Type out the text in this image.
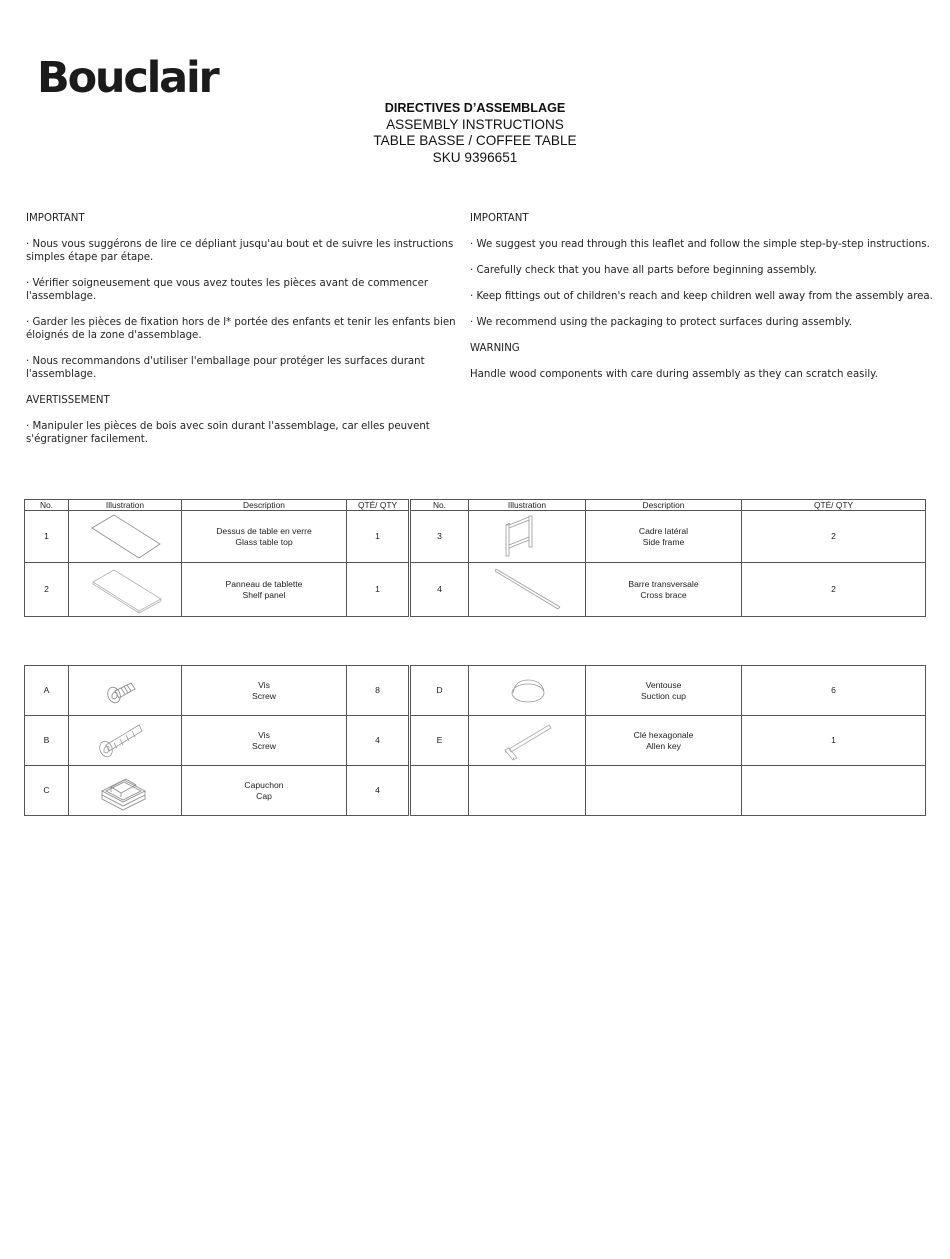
Bouclair
DIRECTIVES D’ASSEMBLAGE
ASSEMBLY INSTRUCTIONS
TABLE BASSE / COFFEE TABLE
SKU 9396651

IMPORTANT

· Nous vous suggérons de lire ce dépliant jusqu'au bout et de suivre les instructions simples étape par étape.

· Vérifier soigneusement que vous avez toutes les pièces avant de commencer l'assemblage.

· Garder les pièces de fixation hors de l* portée des enfants et tenir les enfants bien éloignés de la zone d'assemblage.

· Nous recommandons d'utiliser l'emballage pour protéger les surfaces durant l'assemblage.

AVERTISSEMENT

· Manipuler les pièces de bois avec soin durant l'assemblage, car elles peuvent s'égratigner facilement.

IMPORTANT

· We suggest you read through this leaflet and follow the simple step-by-step instructions.

· Carefully check that you have all parts before beginning assembly.

· Keep fittings out of children's reach and keep children well away from the assembly area.

· We recommend using the packaging to protect surfaces during assembly.

WARNING

Handle wood components with care during assembly as they can scratch easily.

No.	Illustration	Description	QTÉ/ QTY	No.	Illustration	Description	QTÉ/ QTY
1		Dessus de table en verre
Glass table top	1	3		Cadre latéral
Side frame	2
2		Panneau de tablette
Shelf panel	1	4		Barre transversale
Cross brace	2
A		Vis
Screw	8	D		Ventouse
Suction cup	6
B		Vis
Screw	4	E		Clé hexagonale
Allen key	1
C		Capuchon
Cap	4			
